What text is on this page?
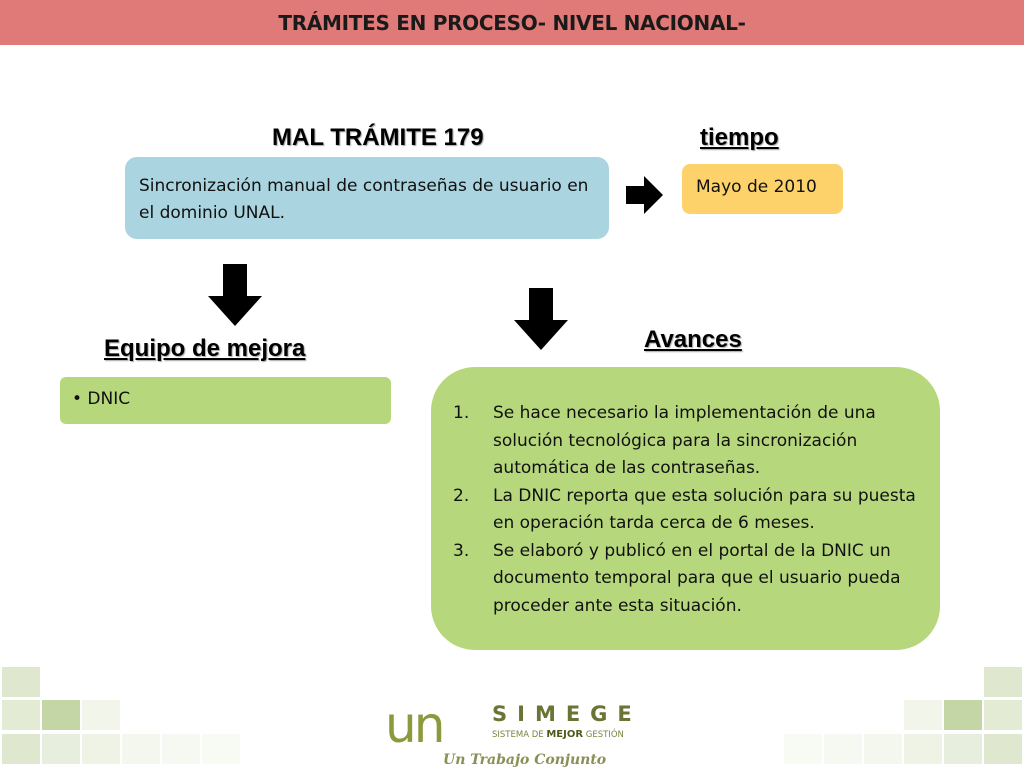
TRÁMITES EN PROCESO- NIVEL NACIONAL-
MAL TRÁMITE 179	tiempo
Sincronización manual de contraseñas de usuario en el dominio UNAL.
Mayo de 2010
Equipo de mejora	Avances
• DNIC
1.	Se hace necesario la implementación de una solución tecnológica para la sincronización automática de las contraseñas.
2.	La DNIC reporta que esta solución para su puesta en operación tarda cerca de 6 meses.
3.	Se elaboró y publicó en el portal de la DNIC un documento temporal para que el usuario pueda proceder ante esta situación.
un SIMEGE
SISTEMA DE MEJOR GESTIÓN
Un Trabajo Conjunto
